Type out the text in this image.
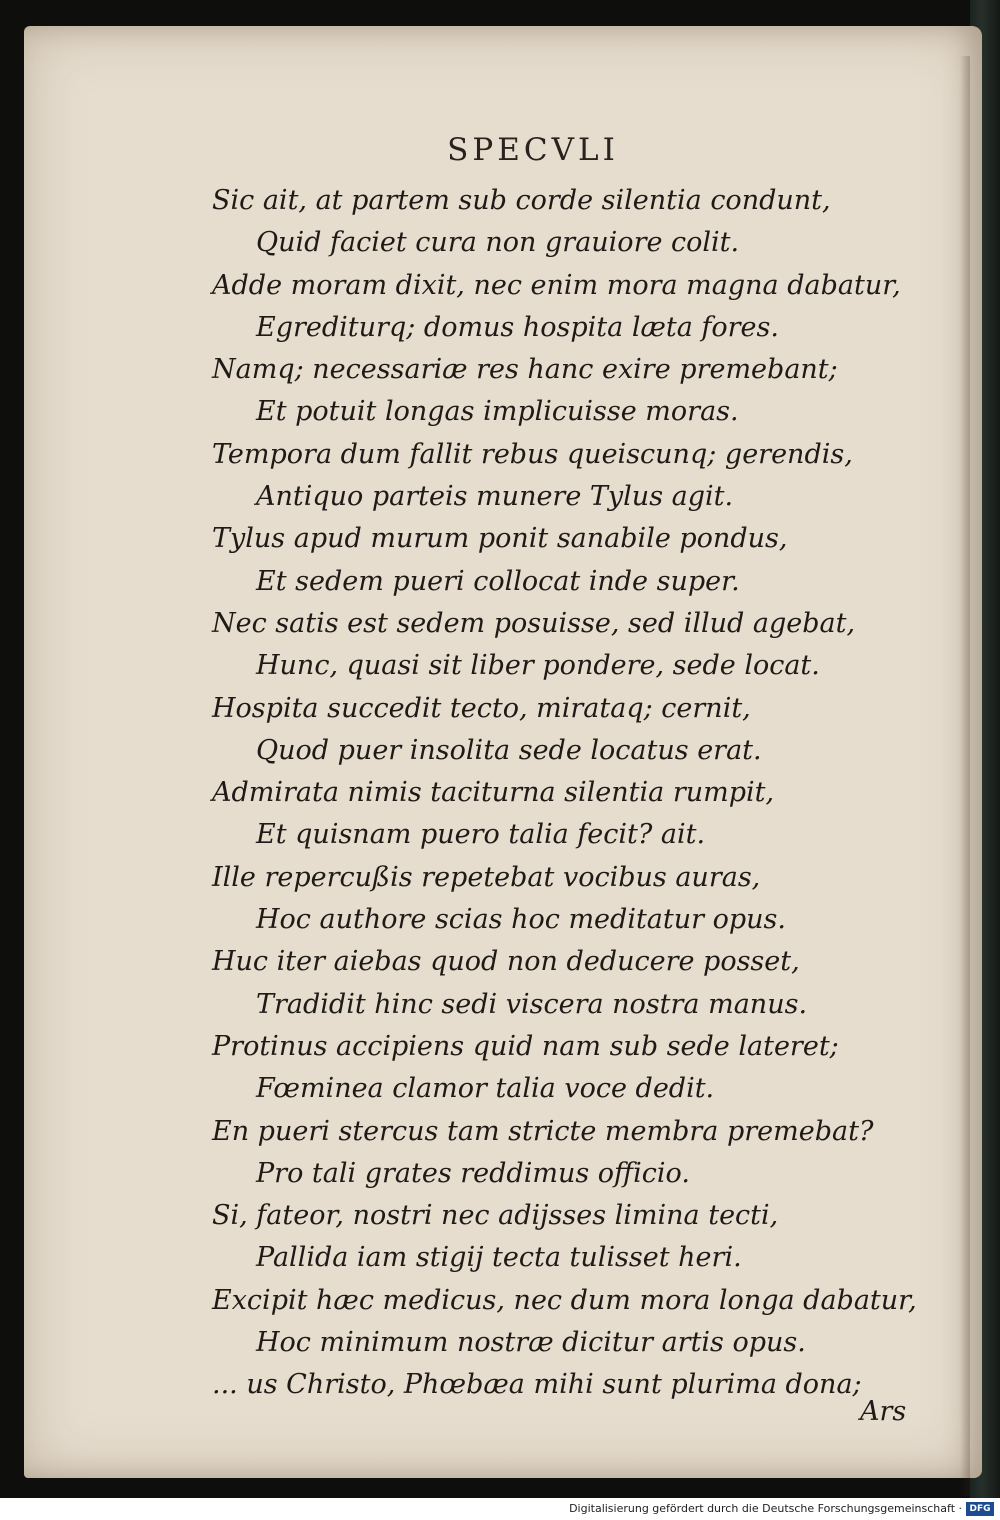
SPECVLI
Sic ait, at partem sub corde silentia condunt,
Quid faciet cura non grauiore colit.
Adde moram dixit, nec enim mora magna dabatur,
Egrediturq; domus hospita læta fores.
Namq; necessariæ res hanc exire premebant;
Et potuit longas implicuisse moras.
Tempora dum fallit rebus queiscunq; gerendis,
Antiquo parteis munere Tylus agit.
Tylus apud murum ponit sanabile pondus,
Et sedem pueri collocat inde super.
Nec satis est sedem posuisse, sed illud agebat,
Hunc, quasi sit liber pondere, sede locat.
Hospita succedit tecto, mirataq; cernit,
Quod puer insolita sede locatus erat.
Admirata nimis taciturna silentia rumpit,
Et quisnam puero talia fecit? ait.
Ille repercußis repetebat vocibus auras,
Hoc authore scias hoc meditatur opus.
Huc iter aiebas quod non deducere posset,
Tradidit hinc sedi viscera nostra manus.
Protinus accipiens quid nam sub sede lateret;
Fœminea clamor talia voce dedit.
En pueri stercus tam stricte membra premebat?
Pro tali grates reddimus officio.
Si, fateor, nostri nec adijsses limina tecti,
Pallida iam stigij tecta tulisset heri.
Excipit hæc medicus, nec dum mora longa dabatur,
Hoc minimum nostræ dicitur artis opus.
... us Christo, Phœbæa mihi sunt plurima dona;
Ars
Digitalisierung gefördert durch die Deutsche Forschungsgemeinschaft · DFG
